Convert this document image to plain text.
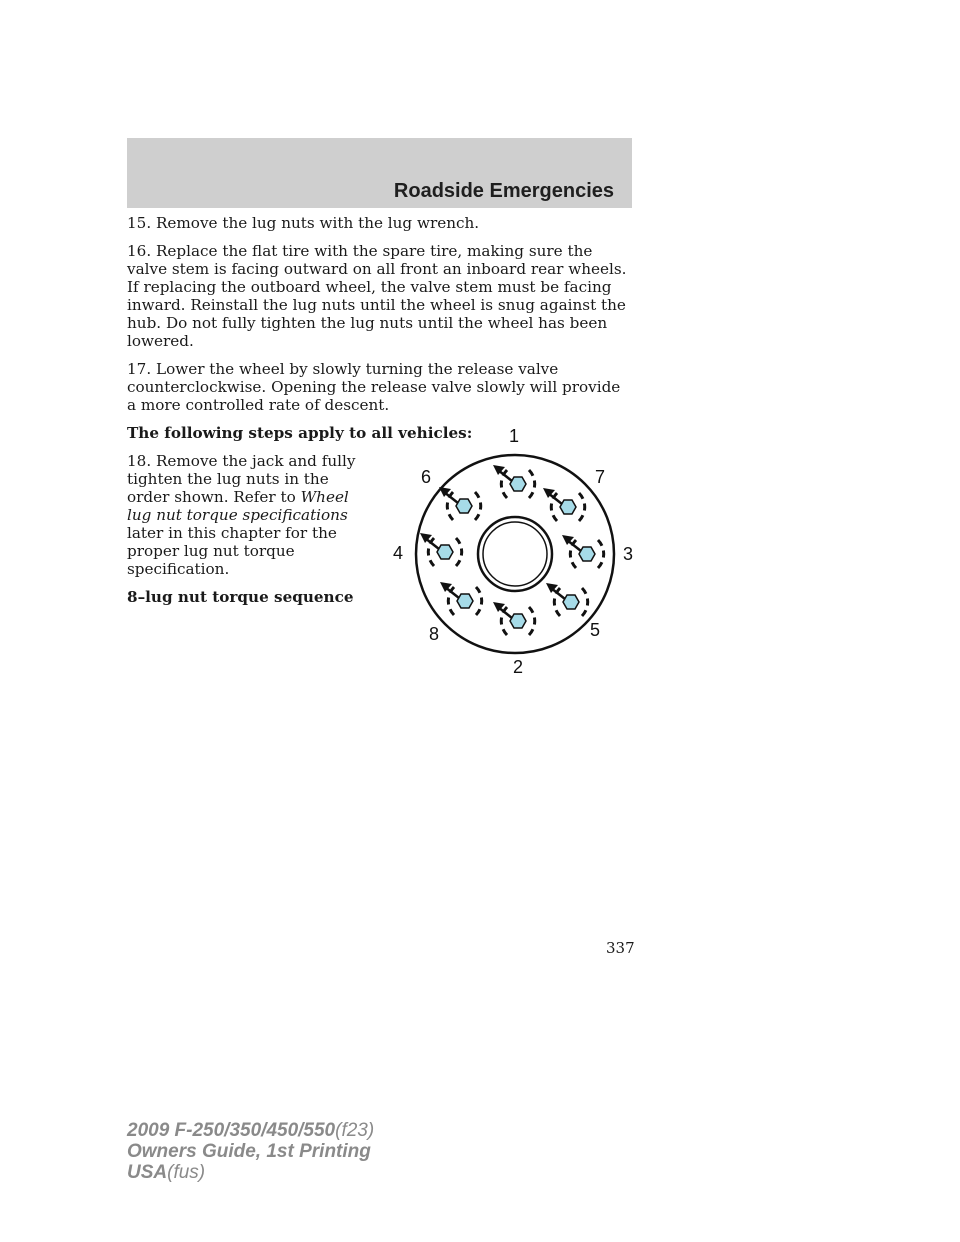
Roadside Emergencies

15. Remove the lug nuts with the lug wrench.

16. Replace the flat tire with the spare tire, making sure the valve stem is facing outward on all front an inboard rear wheels. If replacing the outboard wheel, the valve stem must be facing inward. Reinstall the lug nuts until the wheel is snug against the hub. Do not fully tighten the lug nuts until the wheel has been lowered.

17. Lower the wheel by slowly turning the release valve counterclockwise. Opening the release valve slowly will provide a more controlled rate of descent.

The following steps apply to all vehicles:

18. Remove the jack and fully tighten the lug nuts in the order shown. Refer to Wheel lug nut torque specifications later in this chapter for the proper lug nut torque specification.

8–lug nut torque sequence

1
2
3
4
5
6	7
8
337
2009 F-250/350/450/550(f23)
Owners Guide, 1st Printing
USA(fus)
